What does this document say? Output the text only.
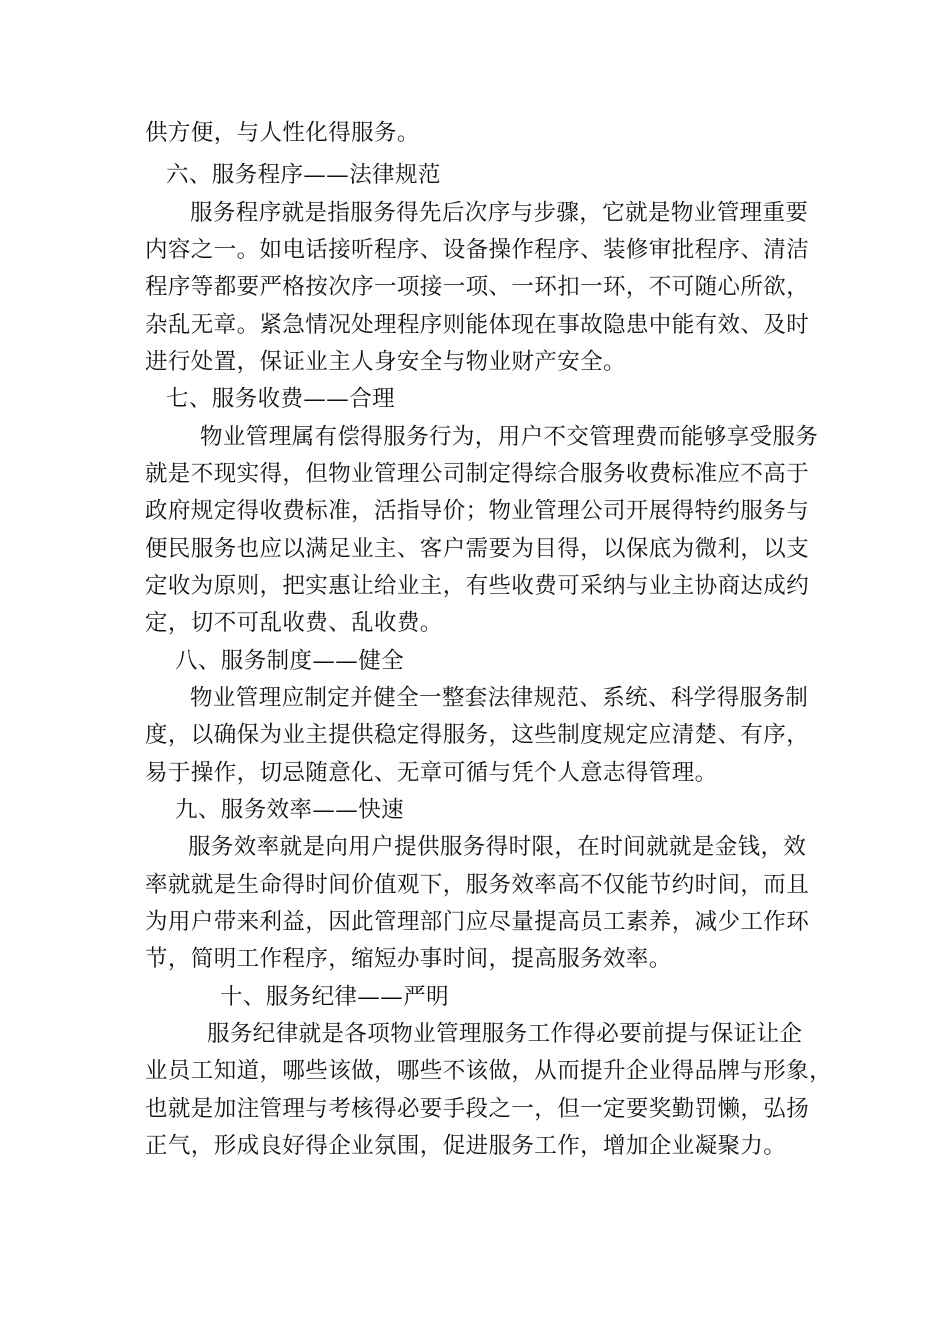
供方便，与人性化得服务。
六、服务程序——法律规范
服务程序就是指服务得先后次序与步骤，它就是物业管理重要
内容之一。如电话接听程序、设备操作程序、装修审批程序、清洁
程序等都要严格按次序一项接一项、一环扣一环，不可随心所欲，
杂乱无章。紧急情况处理程序则能体现在事故隐患中能有效、及时
进行处置，保证业主人身安全与物业财产安全。
七、服务收费——合理
物业管理属有偿得服务行为，用户不交管理费而能够享受服务
就是不现实得，但物业管理公司制定得综合服务收费标准应不高于
政府规定得收费标准，活指导价；物业管理公司开展得特约服务与
便民服务也应以满足业主、客户需要为目得，以保底为微利，以支
定收为原则，把实惠让给业主，有些收费可采纳与业主协商达成约
定，切不可乱收费、乱收费。
八、服务制度——健全
物业管理应制定并健全一整套法律规范、系统、科学得服务制
度，以确保为业主提供稳定得服务，这些制度规定应清楚、有序，
易于操作，切忌随意化、无章可循与凭个人意志得管理。
九、服务效率——快速
服务效率就是向用户提供服务得时限，在时间就就是金钱，效
率就就是生命得时间价值观下，服务效率高不仅能节约时间，而且
为用户带来利益，因此管理部门应尽量提高员工素养，减少工作环
节，简明工作程序，缩短办事时间，提高服务效率。
十、服务纪律——严明
服务纪律就是各项物业管理服务工作得必要前提与保证让企
业员工知道，哪些该做，哪些不该做，从而提升企业得品牌与形象，
也就是加注管理与考核得必要手段之一，但一定要奖勤罚懒，弘扬
正气，形成良好得企业氛围，促进服务工作，增加企业凝聚力。
